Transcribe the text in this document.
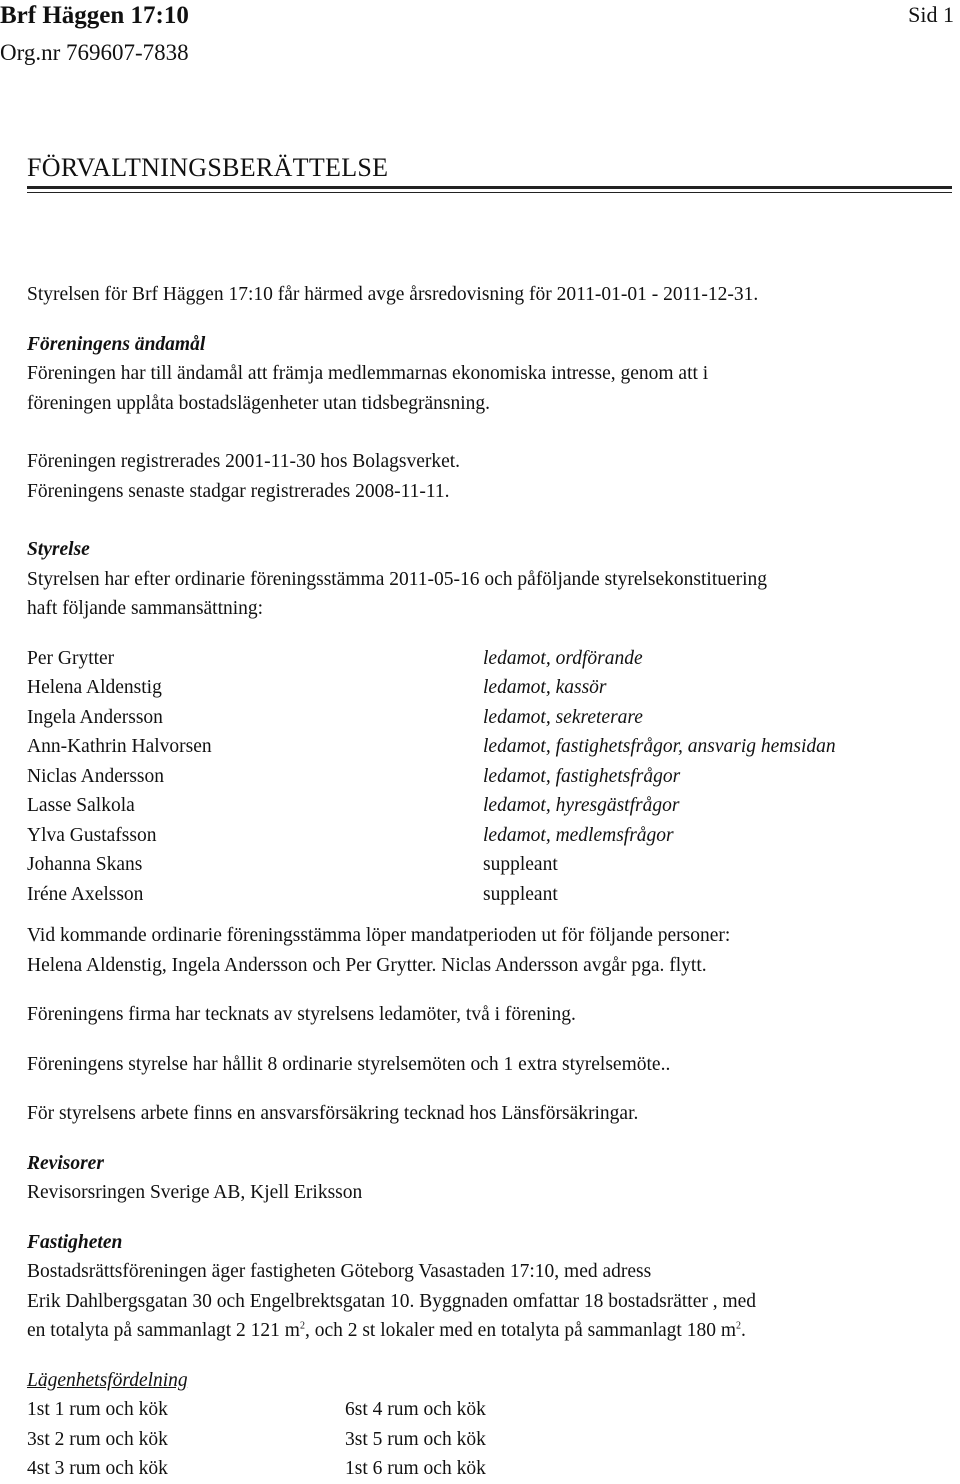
Brf Häggen 17:10
Org.nr 769607-7838
Sid 1
FÖRVALTNINGSBERÄTTELSE

Styrelsen för Brf Häggen 17:10 får härmed avge årsredovisning för 2011-01-01 - 2011-12-31.

Föreningens ändamål

Föreningen har till ändamål att främja medlemmarnas ekonomiska intresse, genom att i

föreningen upplåta bostadslägenheter utan tidsbegränsning.

Föreningen registrerades 2001-11-30 hos Bolagsverket.

Föreningens senaste stadgar registrerades 2008-11-11.

Styrelse

Styrelsen har efter ordinarie föreningsstämma 2011-05-16 och påföljande styrelsekonstituering

haft följande sammansättning:

Per Grytter	ledamot, ordförande
Helena Aldenstig	ledamot, kassör
Ingela Andersson	ledamot, sekreterare
Ann-Kathrin Halvorsen	ledamot, fastighetsfrågor, ansvarig hemsidan
Niclas Andersson	ledamot, fastighetsfrågor
Lasse Salkola	ledamot, hyresgästfrågor
Ylva Gustafsson	ledamot, medlemsfrågor
Johanna Skans	suppleant
Iréne Axelsson	suppleant

Vid kommande ordinarie föreningsstämma löper mandatperioden ut för följande personer:

Helena Aldenstig, Ingela Andersson och Per Grytter. Niclas Andersson avgår pga. flytt.

Föreningens firma har tecknats av styrelsens ledamöter, två i förening.

Föreningens styrelse har hållit 8 ordinarie styrelsemöten och 1 extra styrelsemöte..

För styrelsens arbete finns en ansvarsförsäkring tecknad hos Länsförsäkringar.

Revisorer

Revisorsringen Sverige AB, Kjell Eriksson

Fastigheten

Bostadsrättsföreningen äger fastigheten Göteborg Vasastaden 17:10, med adress

Erik Dahlbergsgatan 30 och Engelbrektsgatan 10. Byggnaden omfattar 18 bostadsrätter , med

en totalyta på sammanlagt 2 121 $m^2$, och 2 st lokaler med en totalyta på sammanlagt 180 $m^2$.

Lägenhetsfördelning

1st 1 rum och kök	6st 4 rum och kök
3st 2 rum och kök	3st 5 rum och kök
4st 3 rum och kök	1st 6 rum och kök
